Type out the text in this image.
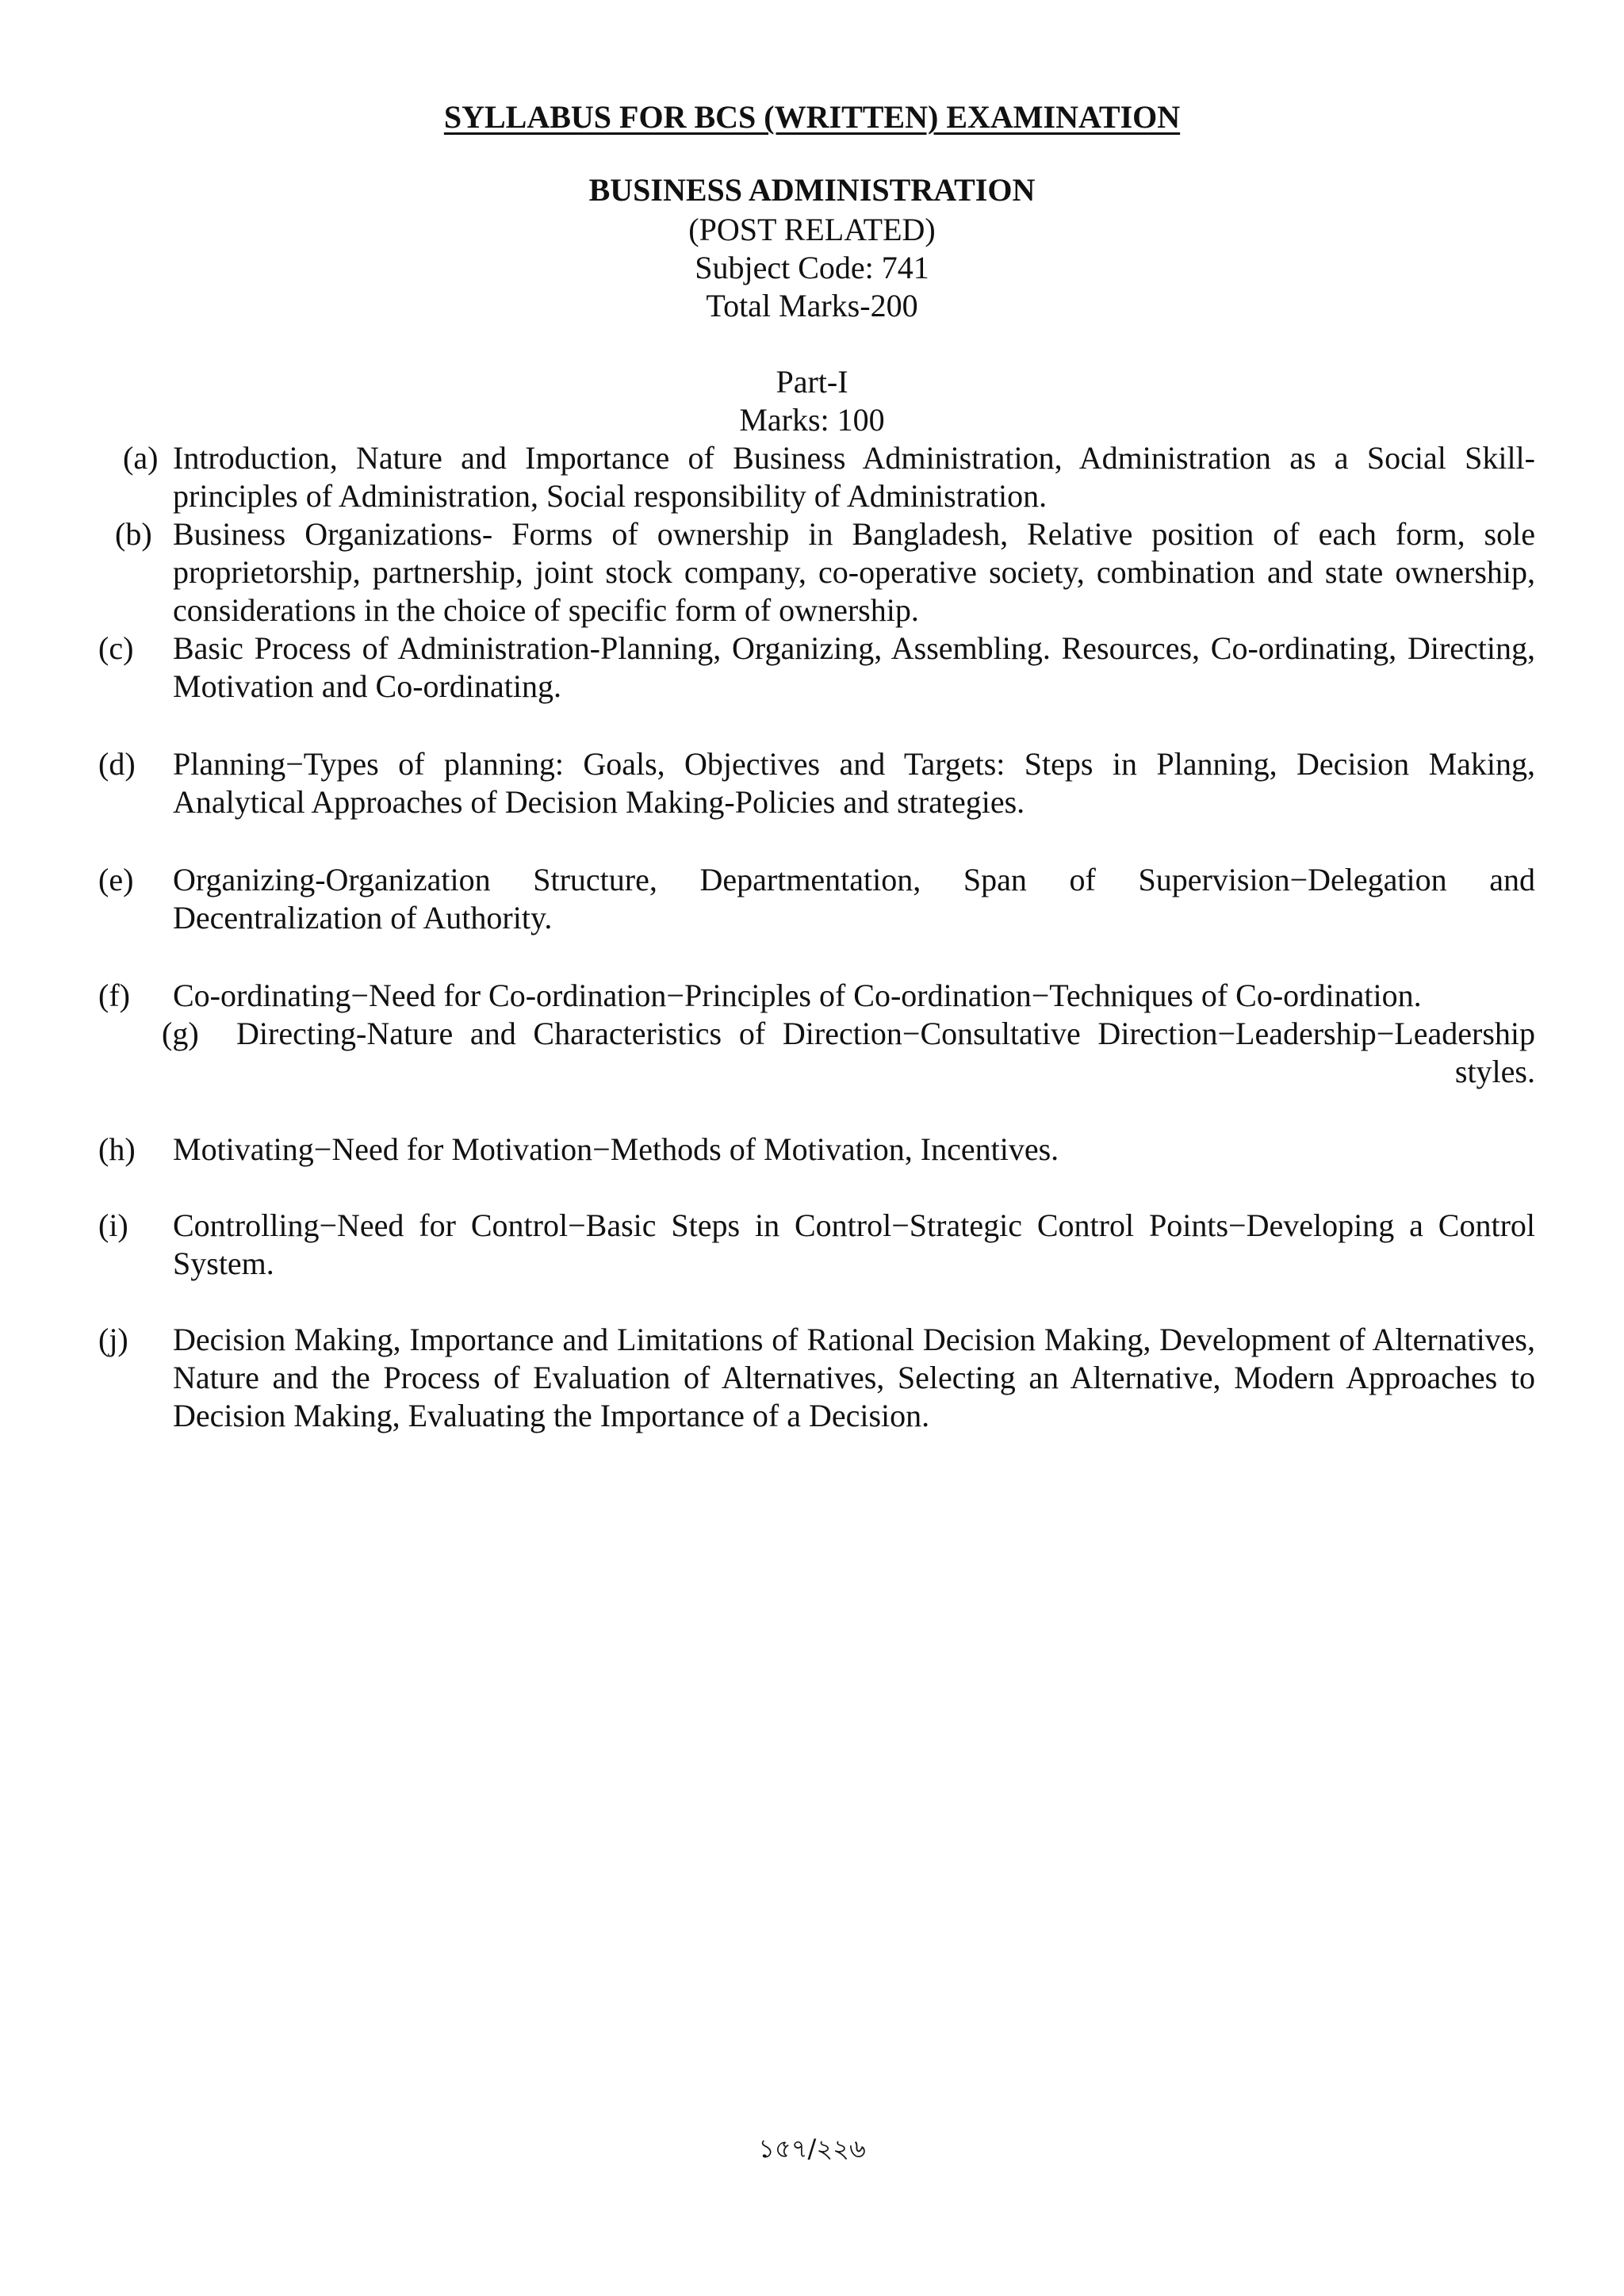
SYLLABUS FOR BCS (WRITTEN) EXAMINATION
BUSINESS ADMINISTRATION
(POST RELATED)
Subject Code: 741
Total Marks-200
Part-I
Marks: 100
(a) Introduction, Nature and Importance of Business Administration, Administration as a Social Skill-principles of Administration, Social responsibility of Administration.
(b) Business Organizations- Forms of ownership in Bangladesh, Relative position of each form, sole proprietorship, partnership, joint stock company, co-operative society, combination and state ownership, considerations in the choice of specific form of ownership.
(c) Basic Process of Administration-Planning, Organizing, Assembling. Resources, Co-ordinating, Directing, Motivation and Co-ordinating.
(d) Planning−Types of planning: Goals, Objectives and Targets: Steps in Planning, Decision Making, Analytical Approaches of Decision Making-Policies and strategies.
(e) Organizing-Organization Structure, Departmentation, Span of Supervision−Delegation and Decentralization of Authority.
(f) Co-ordinating−Need for Co-ordination−Principles of Co-ordination−Techniques of Co-ordination.
(g) Directing-Nature and Characteristics of Direction−Consultative Direction−Leadership−Leadership styles.
(h) Motivating−Need for Motivation−Methods of Motivation, Incentives.
(i) Controlling−Need for Control−Basic Steps in Control−Strategic Control Points−Developing a Control System.
(j) Decision Making, Importance and Limitations of Rational Decision Making, Development of Alternatives, Nature and the Process of Evaluation of Alternatives, Selecting an Alternative, Modern Approaches to Decision Making, Evaluating the Importance of a Decision.
১৫৭/২২৬
